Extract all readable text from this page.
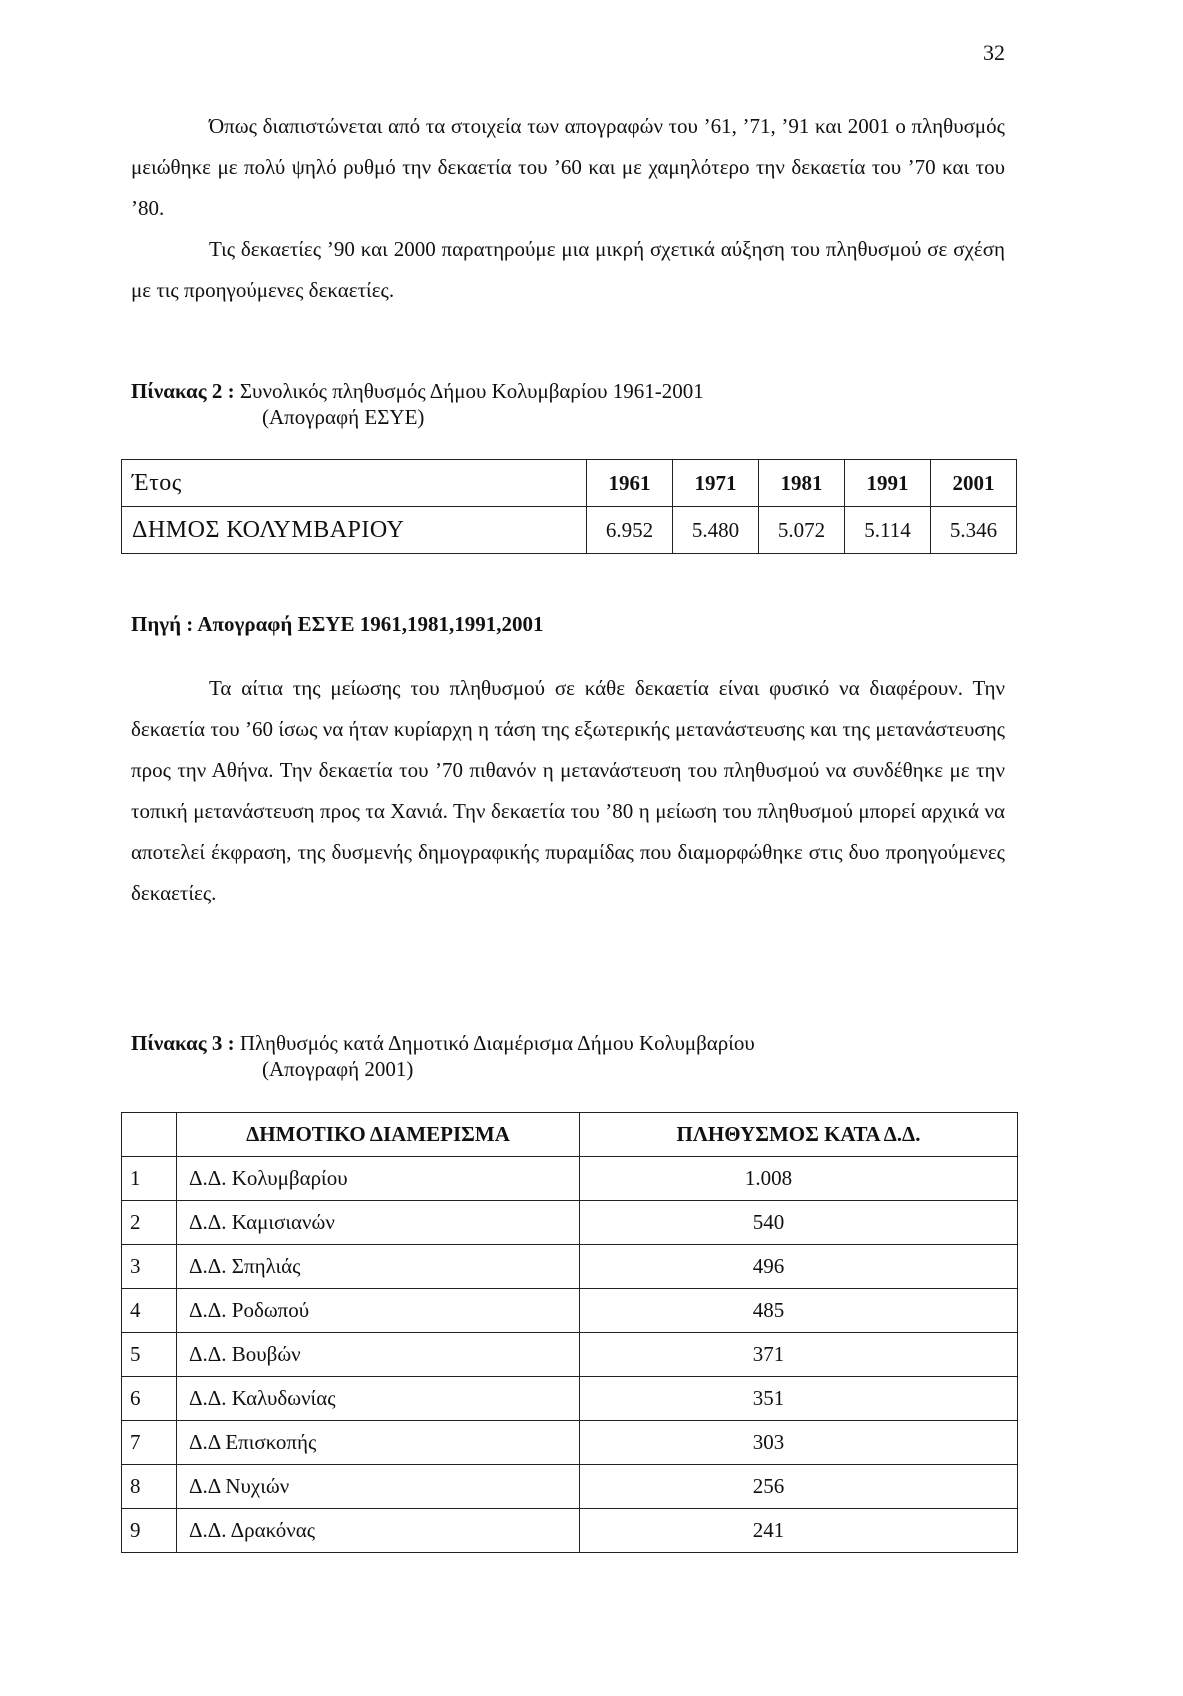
32

Όπως διαπιστώνεται από τα στοιχεία των απογραφών του ’61, ’71, ’91 και 2001 ο πληθυσμός μειώθηκε με πολύ ψηλό ρυθμό την δεκαετία του ’60 και με χαμηλότερο την δεκαετία του ’70 και του ’80.

Τις δεκαετίες ’90 και 2000 παρατηρούμε μια μικρή σχετικά αύξηση του πληθυσμού σε σχέση με τις προηγούμενες δεκαετίες.

Πίνακας 2 : Συνολικός πληθυσμός Δήμου Κολυμβαρίου 1961-2001
(Απογραφή ΕΣΥΕ)
Έτος	1961	1971	1981	1991	2001
ΔΗΜΟΣ ΚΟΛΥΜΒΑΡΙΟΥ	6.952	5.480	5.072	5.114	5.346
Πηγή : Απογραφή ΕΣΥΕ 1961,1981,1991,2001

Τα αίτια της μείωσης του πληθυσμού σε κάθε δεκαετία είναι φυσικό να διαφέρουν. Την δεκαετία του ’60 ίσως να ήταν κυρίαρχη η τάση της εξωτερικής μετανάστευσης και της μετανάστευσης προς την Αθήνα. Την δεκαετία του ’70 πιθανόν η μετανάστευση του πληθυσμού να συνδέθηκε με την τοπική μετανάστευση προς τα Χανιά. Την δεκαετία του ’80 η μείωση του πληθυσμού μπορεί αρχικά να αποτελεί έκφραση, της δυσμενής δημογραφικής πυραμίδας που διαμορφώθηκε στις δυο προηγούμενες δεκαετίες.

Πίνακας 3 : Πληθυσμός κατά Δημοτικό Διαμέρισμα Δήμου Κολυμβαρίου
(Απογραφή 2001)
	ΔΗΜΟΤΙΚΟ ΔΙΑΜΕΡΙΣΜΑ	ΠΛΗΘΥΣΜΟΣ ΚΑΤΑ Δ.Δ.
1	Δ.Δ. Κολυμβαρίου	1.008
2	Δ.Δ. Καμισιανών	540
3	Δ.Δ. Σπηλιάς	496
4	Δ.Δ. Ροδωπού	485
5	Δ.Δ. Βουβών	371
6	Δ.Δ. Καλυδωνίας	351
7	Δ.Δ Επισκοπής	303
8	Δ.Δ Νυχιών	256
9	Δ.Δ. Δρακόνας	241
